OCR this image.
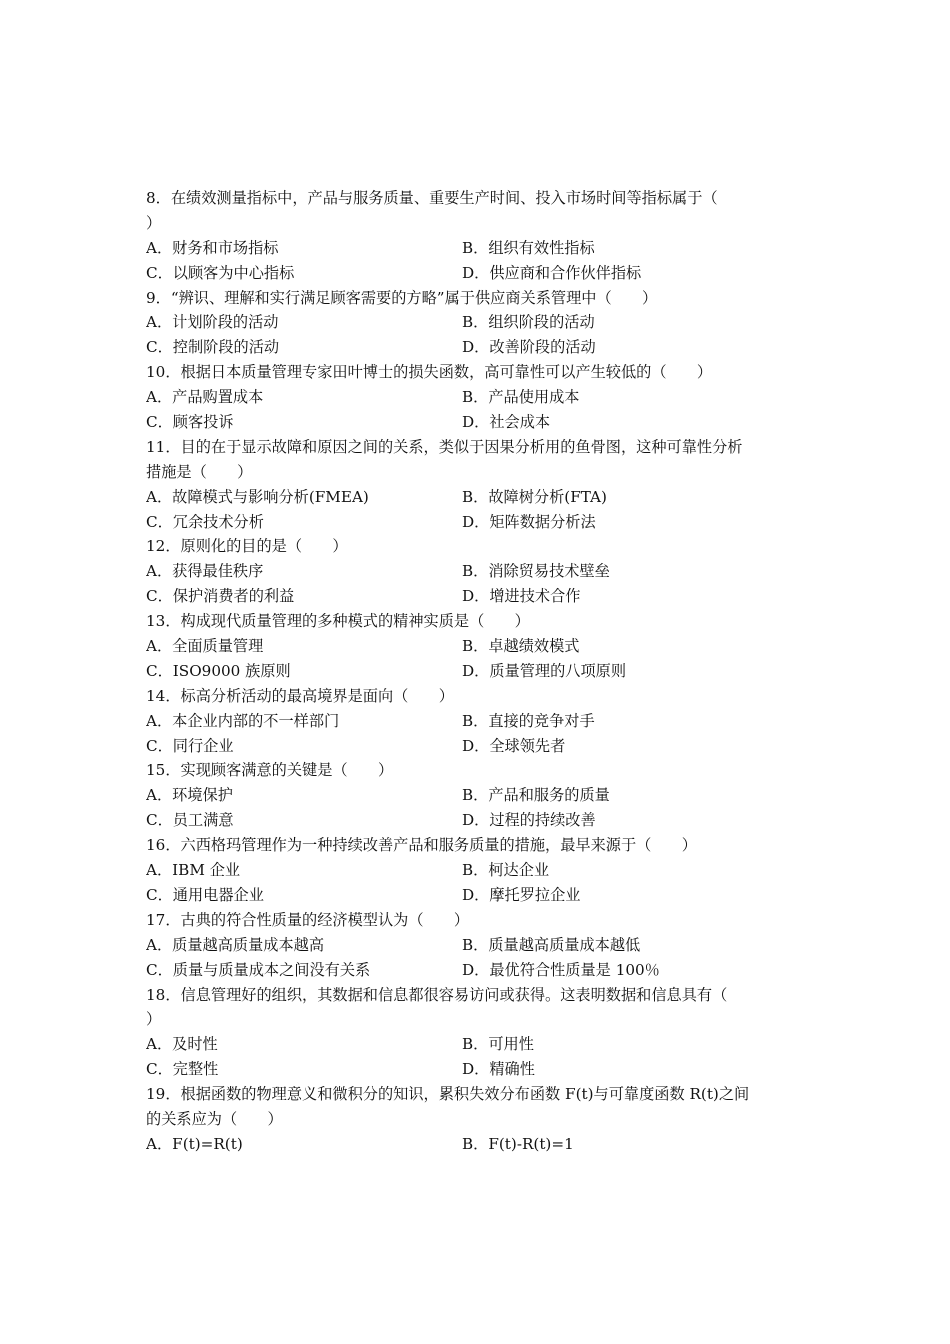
8．在绩效测量指标中，产品与服务质量、重要生产时间、投入市场时间等指标属于（
）
A．财务和市场指标	B．组织有效性指标
C．以顾客为中心指标	D．供应商和合作伙伴指标
9．“辨识、理解和实行满足顾客需要的方略”属于供应商关系管理中（　　）
A．计划阶段的活动	B．组织阶段的活动
C．控制阶段的活动	D．改善阶段的活动
10．根据日本质量管理专家田叶博士的损失函数，高可靠性可以产生较低的（　　）
A．产品购置成本	B．产品使用成本
C．顾客投诉	D．社会成本
11．目的在于显示故障和原因之间的关系，类似于因果分析用的鱼骨图，这种可靠性分析
措施是（　　）
A．故障模式与影响分析(FMEA)	B．故障树分析(FTA)
C．冗余技术分析	D．矩阵数据分析法
12．原则化的目的是（　　）
A．获得最佳秩序	B．消除贸易技术壁垒
C．保护消费者的利益	D．增进技术合作
13．构成现代质量管理的多种模式的精神实质是（　　）
A．全面质量管理	B．卓越绩效模式
C．ISO9000 族原则	D．质量管理的八项原则
14．标高分析活动的最高境界是面向（　　）
A．本企业内部的不一样部门	B．直接的竞争对手
C．同行企业	D．全球领先者
15．实现顾客满意的关键是（　　）
A．环境保护	B．产品和服务的质量
C．员工满意	D．过程的持续改善
16．六西格玛管理作为一种持续改善产品和服务质量的措施，最早来源于（　　）
A．IBM 企业	B．柯达企业
C．通用电器企业	D．摩托罗拉企业
17．古典的符合性质量的经济模型认为（　　）
A．质量越高质量成本越高	B．质量越高质量成本越低
C．质量与质量成本之间没有关系	D．最优符合性质量是 100％
18．信息管理好的组织，其数据和信息都很容易访问或获得。这表明数据和信息具有（
）
A．及时性	B．可用性
C．完整性	D．精确性
19．根据函数的物理意义和微积分的知识，累积失效分布函数 F(t)与可靠度函数 R(t)之间
的关系应为（　　）
A．F(t)=R(t)	B．F(t)-R(t)=1
